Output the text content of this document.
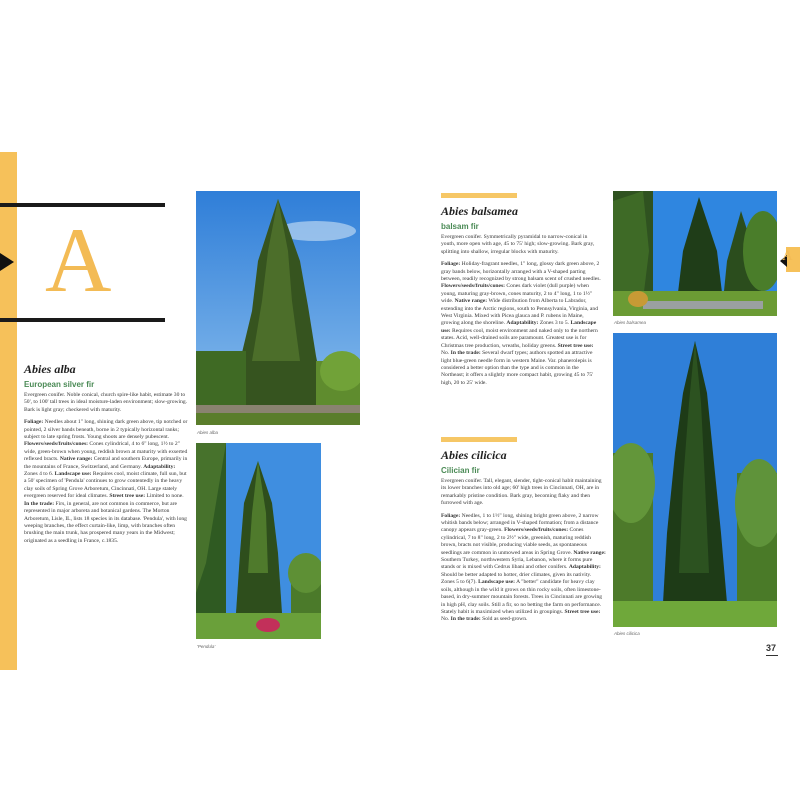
A
Abies alba
European silver fir
Evergreen conifer. Noble conical, church spire-like habit, estimate 30 to 50', to 100' tall trees in ideal moisture-laden environment; slow-growing. Bark is light gray; checkered with maturity.
Foliage: Needles about 1" long, shining dark green above, tip notched or pointed, 2 silver bands beneath, borne in 2 typically horizontal ranks; subject to late spring frosts. Young shoots are densely pubescent. Flowers/seeds/fruits/cones: Cones cylindrical, 4 to 6" long, 1½ to 2" wide, green-brown when young, reddish brown at maturity with exserted reflexed bracts. Native range: Central and southern Europe, primarily in the mountains of France, Switzerland, and Germany. Adaptability: Zones 4 to 6. Landscape use: Requires cool, moist climate, full sun, but a 50' specimen of 'Pendula' continues to grow contentedly in the heavy clay soils of Spring Grove Arboretum, Cincinnati, OH. Large stately evergreen reserved for ideal climates. Street tree use: Limited to none. In the trade: Firs, in general, are not common in commerce, but are represented in major arboreta and botanical gardens. The Morton Arboretum, Lisle, IL, lists 18 species in its database. 'Pendula', with long weeping branches, the effect curtain-like, limp, with branches often brushing the main trunk, has prospered many years in the Midwest; originated as a seedling in France, c.1835.
Abies alba
'Pendula'
Abies balsamea
balsam fir
Evergreen conifer. Symmetrically pyramidal to narrow-conical in youth, more open with age, 45 to 75' high; slow-growing. Bark gray, splitting into shallow, irregular blocks with maturity.
Foliage: Holiday-fragrant needles, 1" long, glossy dark green above, 2 gray bands below, horizontally arranged with a V-shaped parting between, readily recognized by strong balsam scent of crushed needles. Flowers/seeds/fruits/cones: Cones dark violet (dull purple) when young, maturing gray-brown, cones maturity, 2 to 4" long, 1 to 1½" wide. Native range: Wide distribution from Alberta to Labrador, extending into the Arctic regions, south to Pennsylvania, Virginia, and West Virginia. Mixed with Picea glauca and P. rubens in Maine, growing along the shoreline. Adaptability: Zones 3 to 5. Landscape use: Requires cool, moist environment and naked only to the northern states. Acid, well-drained soils are paramount. Greatest use is for Christmas tree production, wreaths, holiday greens. Street tree use: No. In the trade: Several dwarf types; authors spotted an attractive light blue-green needle form in western Maine. Var. phanerolepis is considered a better option than the type and is common in the Northeast; it offers a slightly more compact habit, growing 45 to 75' high, 20 to 25' wide.
Abies cilicica
Cilician fir
Evergreen conifer. Tall, elegant, slender, tight-conical habit maintaining its lower branches into old age; 60' high trees in Cincinnati, OH, are in remarkably pristine condition. Bark gray, becoming flaky and then furrowed with age.
Foliage: Needles, 1 to 1½" long, shining bright green above, 2 narrow whitish bands below; arranged in V-shaped formation; from a distance canopy appears gray-green. Flowers/seeds/fruits/cones: Cones cylindrical, 7 to 8" long, 2 to 2½" wide, greenish, maturing reddish brown, bracts not visible, producing viable seeds, as spontaneous seedlings are common in unmowed areas in Spring Grove. Native range: Southern Turkey, northwestern Syria, Lebanon, where it forms pure stands or is mixed with Cedrus libani and other conifers. Adaptability: Should be better adapted to hotter, drier climates, given its nativity. Zones 5 to 6(7). Landscape use: A "better" candidate for heavy clay soils, although in the wild it grows on thin rocky soils, often limestone-based, in dry-summer mountain forests. Trees in Cincinnati are growing in high pH, clay soils. Still a fir, so no betting the farm on performance. Stately habit is maximized when utilized in groupings. Street tree use: No. In the trade: Sold as seed-grown.
Abies balsamea
Abies cilicica
37
A
